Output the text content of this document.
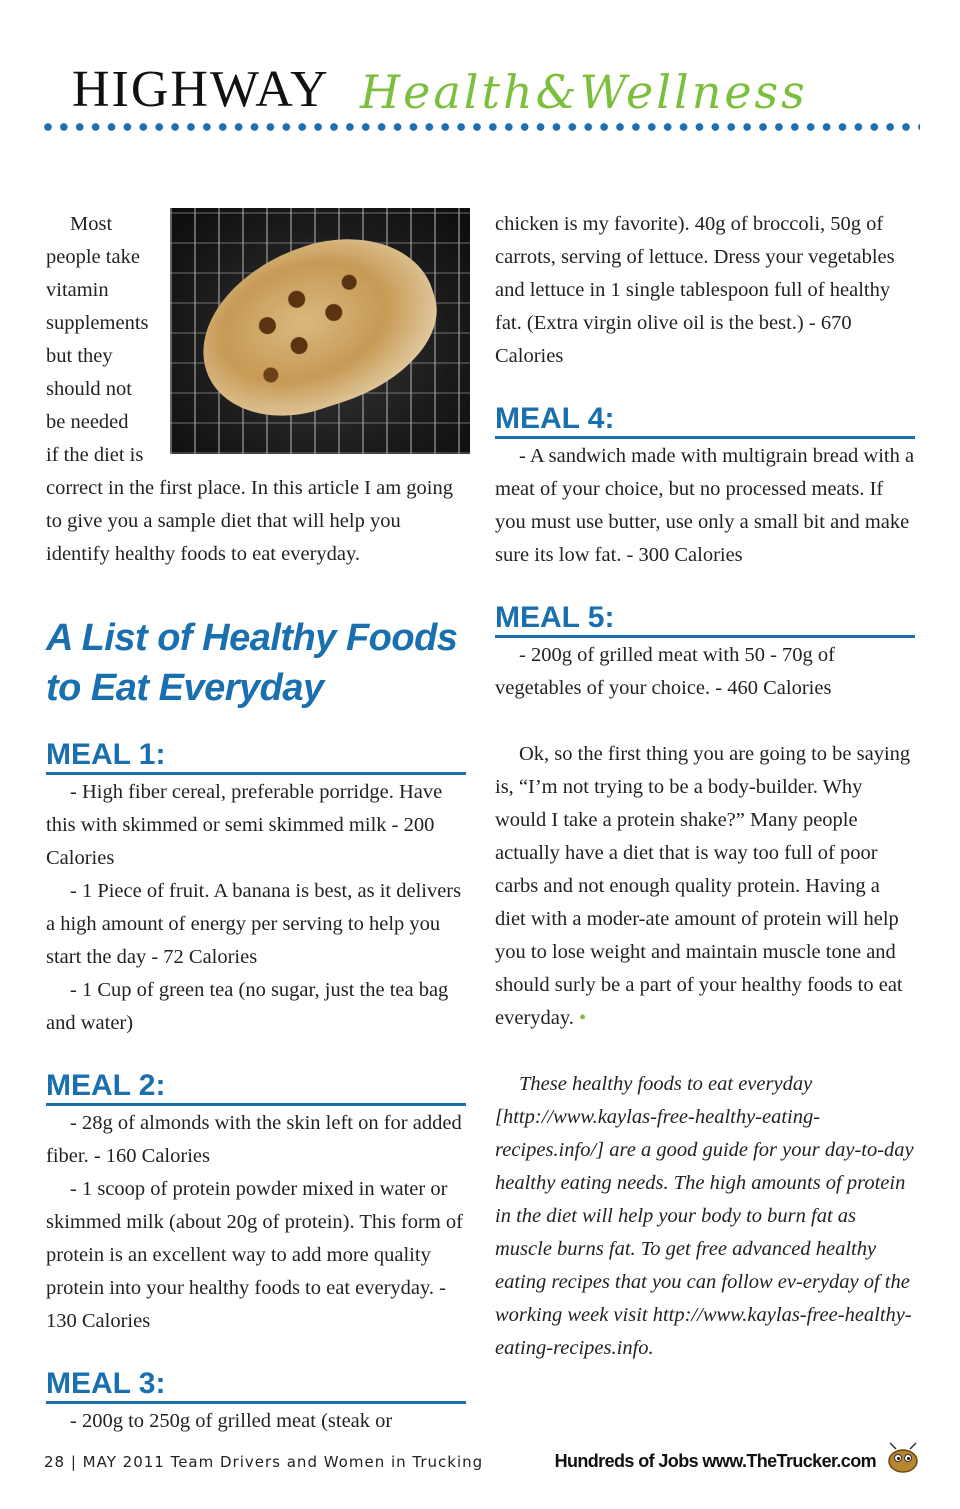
HIGHWAY Health&Wellness

Most

people take

vitamin

supplements

but they

should not

be needed

if the diet is

correct in the first place. In this article I am going to give you a sample diet that will help you identify healthy foods to eat everyday.

A List of Healthy Foods
to Eat Everyday
MEAL 1:

- High fiber cereal, preferable porridge. Have this with skimmed or semi skimmed milk - 200 Calories

- 1 Piece of fruit. A banana is best, as it delivers a high amount of energy per serving to help you start the day - 72 Calories

- 1 Cup of green tea (no sugar, just the tea bag and water)

MEAL 2:

- 28g of almonds with the skin left on for added fiber. - 160 Calories

- 1 scoop of protein powder mixed in water or skimmed milk (about 20g of protein). This form of protein is an excellent way to add more quality protein into your healthy foods to eat everyday. - 130 Calories

MEAL 3:

- 200g to 250g of grilled meat (steak or

chicken is my favorite). 40g of broccoli, 50g of carrots, serving of lettuce. Dress your vegetables and lettuce in 1 single tablespoon full of healthy fat. (Extra virgin olive oil is the best.) - 670 Calories

MEAL 4:

- A sandwich made with multigrain bread with a meat of your choice, but no processed meats. If you must use butter, use only a small bit and make sure its low fat. - 300 Calories

MEAL 5:

- 200g of grilled meat with 50 - 70g of vegetables of your choice. - 460 Calories

Ok, so the first thing you are going to be saying is, “I’m not trying to be a body-builder. Why would I take a protein shake?” Many people actually have a diet that is way too full of poor carbs and not enough quality protein. Having a diet with a moder-ate amount of protein will help you to lose weight and maintain muscle tone and should surly be a part of your healthy foods to eat everyday. •

These healthy foods to eat everyday [http://www.kaylas-free-healthy-eating-recipes.info/] are a good guide for your day-to-day healthy eating needs. The high amounts of protein in the diet will help your body to burn fat as muscle burns fat. To get free advanced healthy eating recipes that you can follow ev-eryday of the working week visit http://www.kaylas-free-healthy-eating-recipes.info.

28 | MAY 2011 Team Drivers and Women in Trucking	Hundreds of Jobs www.TheTrucker.com
